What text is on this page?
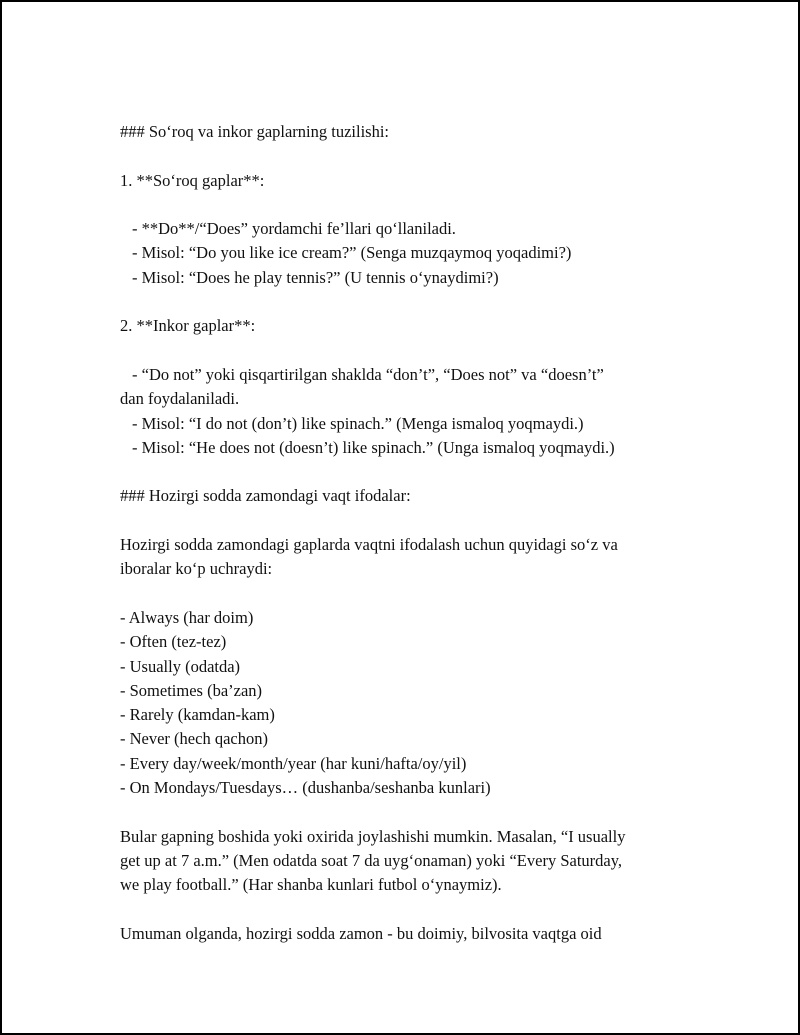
### So‘roq va inkor gaplarning tuzilishi:
1. **So‘roq gaplar**:
- **Do**/“Does” yordamchi fe’llari qo‘llaniladi.
- Misol: “Do you like ice cream?” (Senga muzqaymoq yoqadimi?)
- Misol: “Does he play tennis?” (U tennis o‘ynaydimi?)
2. **Inkor gaplar**:
- “Do not” yoki qisqartirilgan shaklda “don’t”, “Does not” va “doesn’t”
dan foydalaniladi.
- Misol: “I do not (don’t) like spinach.” (Menga ismaloq yoqmaydi.)
- Misol: “He does not (doesn’t) like spinach.” (Unga ismaloq yoqmaydi.)
### Hozirgi sodda zamondagi vaqt ifodalar:
Hozirgi sodda zamondagi gaplarda vaqtni ifodalash uchun quyidagi so‘z va
iboralar ko‘p uchraydi:
- Always (har doim)
- Often (tez-tez)
- Usually (odatda)
- Sometimes (ba’zan)
- Rarely (kamdan-kam)
- Never (hech qachon)
- Every day/week/month/year (har kuni/hafta/oy/yil)
- On Mondays/Tuesdays… (dushanba/seshanba kunlari)
Bular gapning boshida yoki oxirida joylashishi mumkin. Masalan, “I usually
get up at 7 a.m.” (Men odatda soat 7 da uyg‘onaman) yoki “Every Saturday,
we play football.” (Har shanba kunlari futbol o‘ynaymiz).
Umuman olganda, hozirgi sodda zamon - bu doimiy, bilvosita vaqtga oid
